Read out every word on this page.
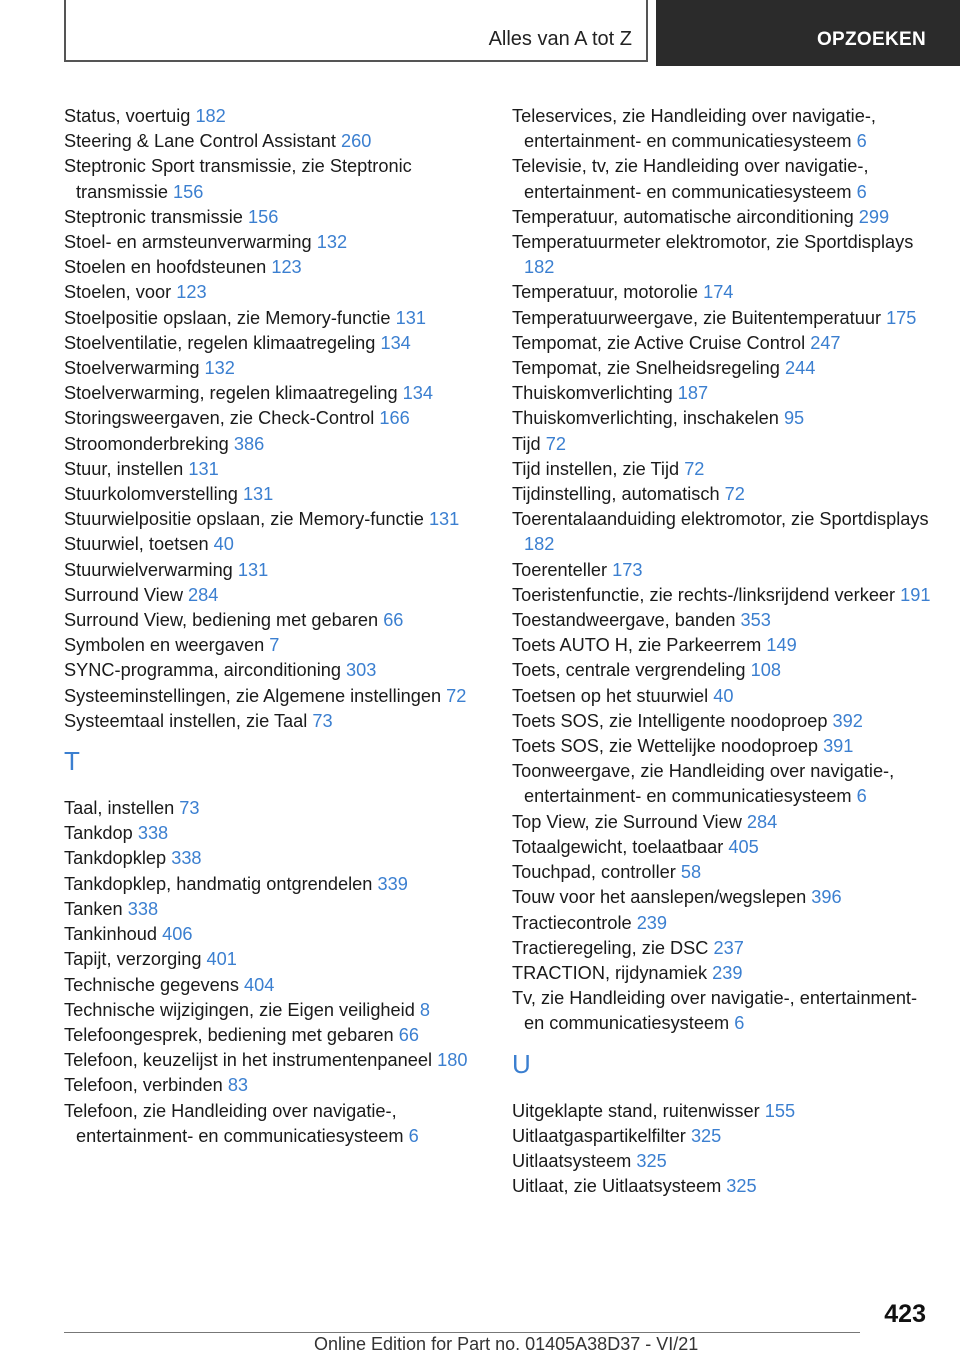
Alles van A tot Z	OPZOEKEN
Status, voertuig 182
Steering & Lane Control Assistant 260
Steptronic Sport transmissie, zie Steptronic transmissie 156
Steptronic transmissie 156
Stoel- en armsteunverwarming 132
Stoelen en hoofdsteunen 123
Stoelen, voor 123
Stoelpositie opslaan, zie Memory-functie 131
Stoelventilatie, regelen klimaatregeling 134
Stoelverwarming 132
Stoelverwarming, regelen klimaatregeling 134
Storingsweergaven, zie Check-Control 166
Stroomonderbreking 386
Stuur, instellen 131
Stuurkolomverstelling 131
Stuurwielpositie opslaan, zie Memory-functie 131
Stuurwiel, toetsen 40
Stuurwielverwarming 131
Surround View 284
Surround View, bediening met gebaren 66
Symbolen en weergaven 7
SYNC-programma, airconditioning 303
Systeeminstellingen, zie Algemene instellingen 72
Systeemtaal instellen, zie Taal 73
T
Taal, instellen 73
Tankdop 338
Tankdopklep 338
Tankdopklep, handmatig ontgrendelen 339
Tanken 338
Tankinhoud 406
Tapijt, verzorging 401
Technische gegevens 404
Technische wijzigingen, zie Eigen veiligheid 8
Telefoongesprek, bediening met gebaren 66
Telefoon, keuzelijst in het instrumentenpaneel 180
Telefoon, verbinden 83
Telefoon, zie Handleiding over navigatie-, entertainment- en communicatiesysteem 6
Teleservices, zie Handleiding over navigatie-, entertainment- en communicatiesysteem 6
Televisie, tv, zie Handleiding over navigatie-, entertainment- en communicatiesysteem 6
Temperatuur, automatische airconditioning 299
Temperatuurmeter elektromotor, zie Sportdisplays 182
Temperatuur, motorolie 174
Temperatuurweergave, zie Buitentemperatuur 175
Tempomat, zie Active Cruise Control 247
Tempomat, zie Snelheidsregeling 244
Thuiskomverlichting 187
Thuiskomverlichting, inschakelen 95
Tijd 72
Tijd instellen, zie Tijd 72
Tijdinstelling, automatisch 72
Toerentalaanduiding elektromotor, zie Sportdisplays 182
Toerenteller 173
Toeristenfunctie, zie rechts-/linksrijdend verkeer 191
Toestandweergave, banden 353
Toets AUTO H, zie Parkeerrem 149
Toets, centrale vergrendeling 108
Toetsen op het stuurwiel 40
Toets SOS, zie Intelligente noodoproep 392
Toets SOS, zie Wettelijke noodoproep 391
Toonweergave, zie Handleiding over navigatie-, entertainment- en communicatiesysteem 6
Top View, zie Surround View 284
Totaalgewicht, toelaatbaar 405
Touchpad, controller 58
Touw voor het aanslepen/wegslepen 396
Tractiecontrole 239
Tractieregeling, zie DSC 237
TRACTION, rijdynamiek 239
Tv, zie Handleiding over navigatie-, entertainment- en communicatiesysteem 6
U
Uitgeklapte stand, ruitenwisser 155
Uitlaatgaspartikelfilter 325
Uitlaatsysteem 325
Uitlaat, zie Uitlaatsysteem 325
423
Online Edition for Part no. 01405A38D37 - VI/21
